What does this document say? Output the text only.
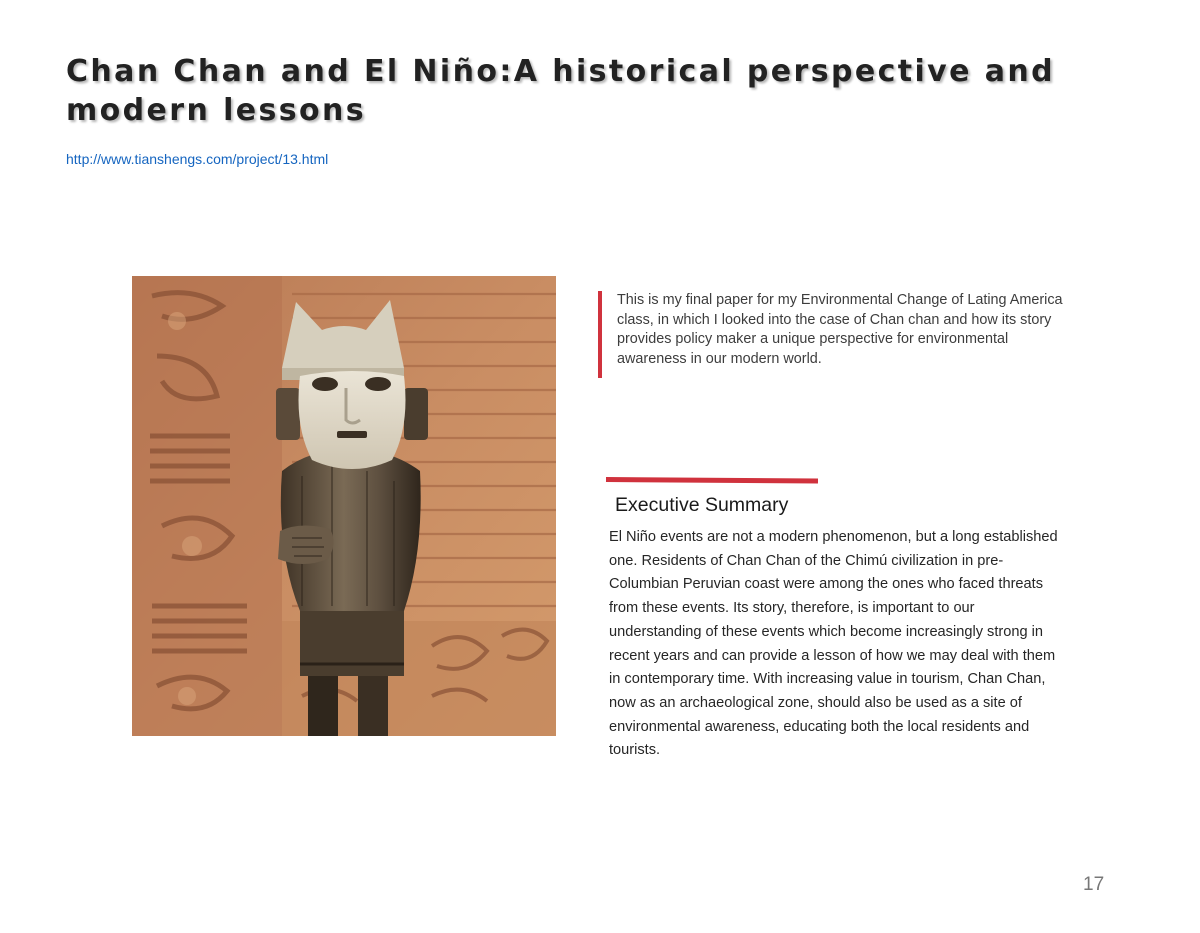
Chan Chan and El Niño:A historical perspective and modern lessons
http://www.tianshengs.com/project/13.html

This is my final paper for my Environmental Change of Lating America class, in which I looked into the case of Chan chan and how its story provides policy maker a unique perspective for environmental awareness in our modern world.

Executive Summary

El Niño events are not a modern phenomenon, but a long established one. Residents of Chan Chan of the Chimú civilization in pre-Columbian Peruvian coast were among the ones who faced threats from these events. Its story, therefore, is important to our understanding of these events which become increasingly strong in recent years and can provide a lesson of how we may deal with them in contemporary time. With increasing value in tourism, Chan Chan, now as an archaeological zone, should also be used as a site of environmental awareness, educating both the local residents and tourists.

17
